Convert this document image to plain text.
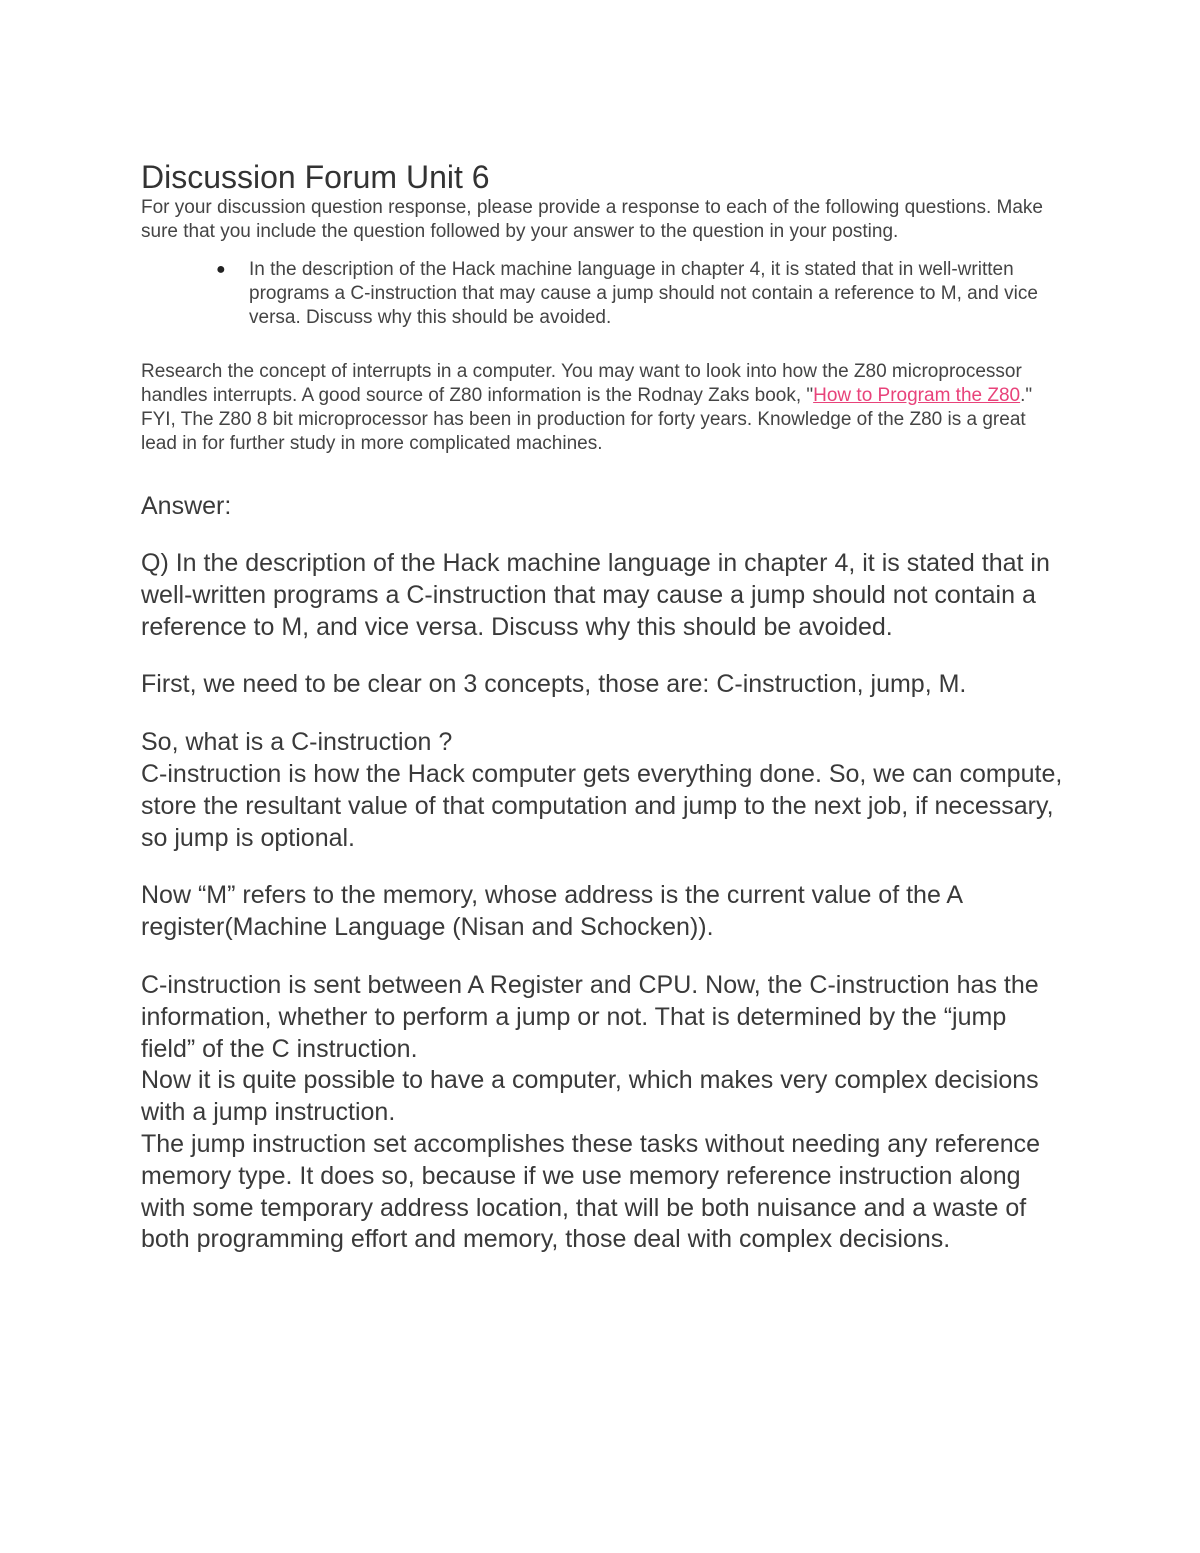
Discussion Forum Unit 6

For your discussion question response, please provide a response to each of the following questions. Make sure that you include the question followed by your answer to the question in your posting.

● In the description of the Hack machine language in chapter 4, it is stated that in well-written programs a C-instruction that may cause a jump should not contain a reference to M, and vice versa. Discuss why this should be avoided.

Research the concept of interrupts in a computer. You may want to look into how the Z80 microprocessor handles interrupts. A good source of Z80 information is the Rodnay Zaks book, "How to Program the Z80."

FYI, The Z80 8 bit microprocessor has been in production for forty years. Knowledge of the Z80 is a great lead in for further study in more complicated machines.

Answer:

Q) In the description of the Hack machine language in chapter 4, it is stated that in well-written programs a C-instruction that may cause a jump should not contain a reference to M, and vice versa. Discuss why this should be avoided.

First, we need to be clear on 3 concepts, those are: C-instruction, jump, M.

So, what is a C-instruction ?

C-instruction is how the Hack computer gets everything done. So, we can compute, store the resultant value of that computation and jump to the next job, if necessary, so jump is optional.

Now “M” refers to the memory, whose address is the current value of the A register(Machine Language (Nisan and Schocken)).

C-instruction is sent between A Register and CPU. Now, the C-instruction has the information, whether to perform a jump or not. That is determined by the “jump field” of the C instruction.

Now it is quite possible to have a computer, which makes very complex decisions with a jump instruction.

The jump instruction set accomplishes these tasks without needing any reference memory type. It does so, because if we use memory reference instruction along with some temporary address location, that will be both nuisance and a waste of both programming effort and memory, those deal with complex decisions.
